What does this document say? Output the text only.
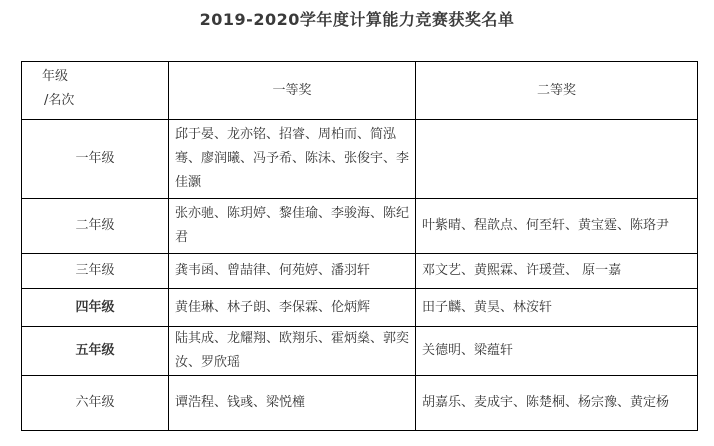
2019-2020学年度计算能力竞赛获奖名单
年级
/名次	一等奖	二等奖
一年级	邱于晏、龙亦铭、招睿、周柏而、简泓骞、廖润曦、冯予希、陈沬、张俊宇、李佳灏	
二年级	张亦驰、陈玥婷、黎佳瑜、李骏海、陈纪君	叶紫晴、程歆点、何至轩、黄宝霆、陈珞尹
三年级	龚韦函、曾喆律、何苑婷、潘羽轩	邓文艺、黄熙霖、许瑗萱、 原一嘉
四年级	黄佳琳、林子朗、李保霖、伦炳辉	田子麟、黄昊、林洝轩
五年级	陆其成、龙耀翔、欧翔乐、霍炳燊、郭奕汝、罗欣瑶	关德明、梁蕴轩
六年级	谭浩程、钱彧、梁悦橦	胡嘉乐、麦成宇、陈楚桐、杨宗豫、黄定杨
